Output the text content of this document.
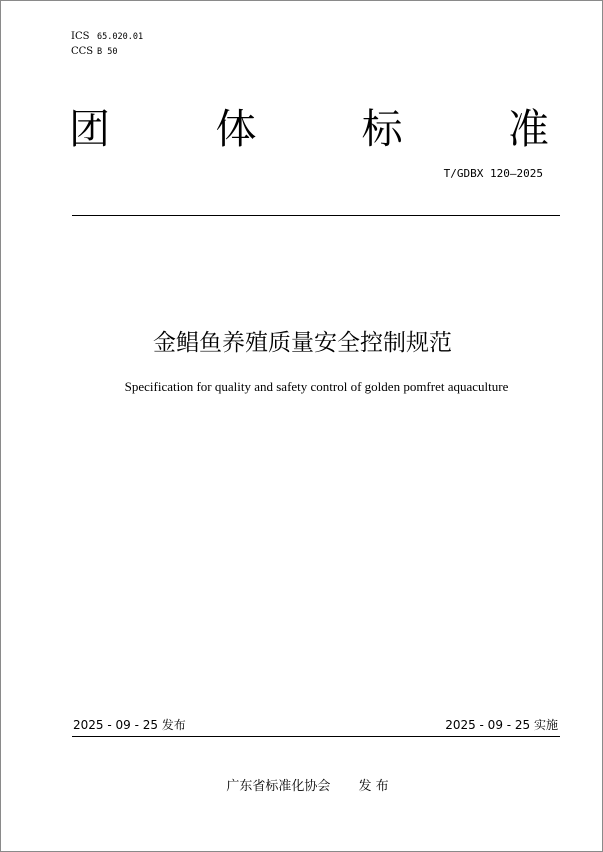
ICS 65.020.01
CCS B 50
团	体	标	准
T/GDBX 120—2025
金鲳鱼养殖质量安全控制规范
Specification for quality and safety control of golden pomfret aquaculture
2025 - 09 - 25 发布	2025 - 09 - 25 实施
广东省标准化协会 发 布
